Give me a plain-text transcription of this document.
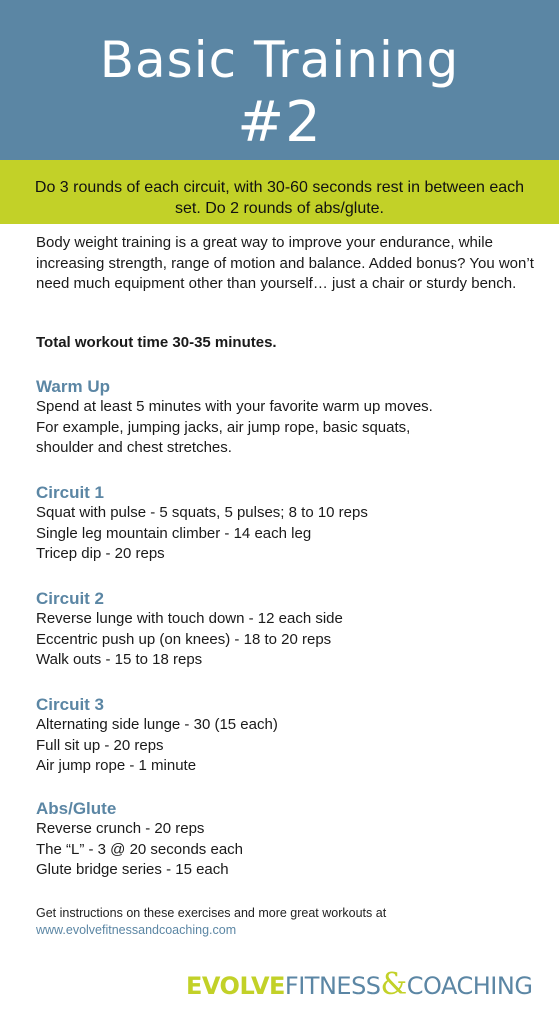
Basic Training
#2
Do 3 rounds of each circuit, with 30-60 seconds rest in between each set. Do 2 rounds of abs/glute.
Body weight training is a great way to improve your endurance, while increasing strength, range of motion and balance. Added bonus? You won’t need much equipment other than yourself… just a chair or sturdy bench.
Total workout time 30-35 minutes.
Warm Up
Spend at least 5 minutes with your favorite warm up moves.
For example, jumping jacks, air jump rope, basic squats,
shoulder and chest stretches.
Circuit 1
Squat with pulse - 5 squats, 5 pulses; 8 to 10 reps
Single leg mountain climber - 14 each leg
Tricep dip - 20 reps
Circuit 2
Reverse lunge with touch down - 12 each side
Eccentric push up (on knees) - 18 to 20 reps
Walk outs - 15 to 18 reps
Circuit 3
Alternating side lunge - 30 (15 each)
Full sit up - 20 reps
Air jump rope - 1 minute
Abs/Glute
Reverse crunch - 20 reps
The “L” - 3 @ 20 seconds each
Glute bridge series - 15 each
Get instructions on these exercises and more great workouts at
www.evolvefitnessandcoaching.com
EVOLVEFITNESS&COACHING
